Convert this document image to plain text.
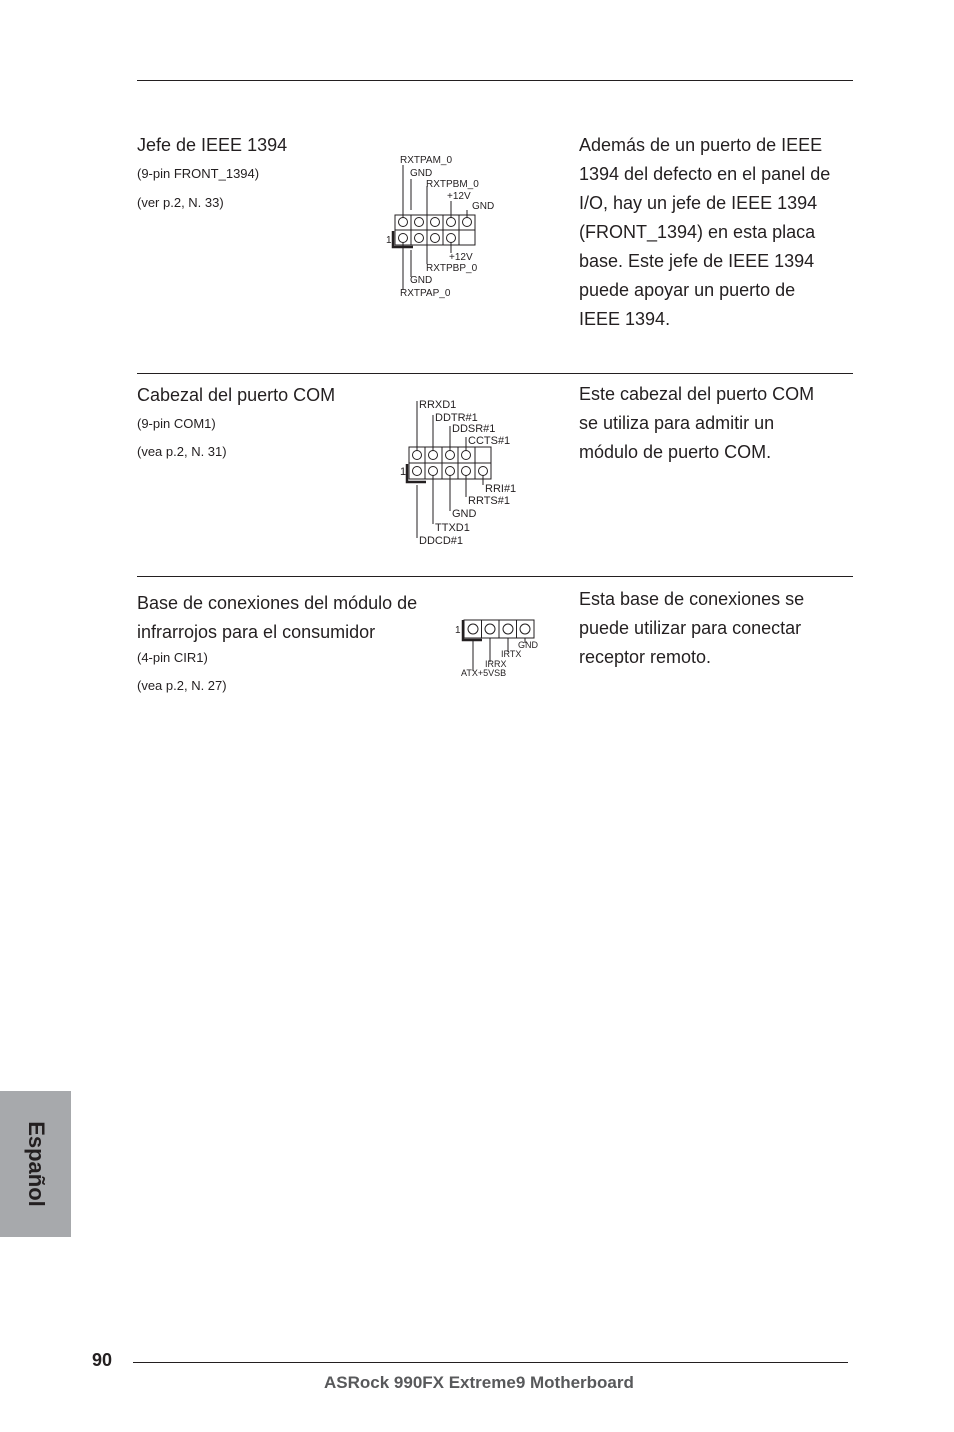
Jefe de IEEE 1394
(9-pin FRONT_1394)
(ver p.2, N. 33)
1
RXTPAM_0
GND
RXTPBM_0
+12V
GND
+12V
RXTPBP_0
GND
RXTPAP_0
Además de un puerto de IEEE
1394 del defecto en el panel de
I/O, hay un jefe de IEEE 1394
(FRONT_1394) en esta placa
base. Este jefe de IEEE 1394
puede apoyar un puerto de
IEEE 1394.
Cabezal del puerto COM
(9-pin COM1)
(vea p.2, N. 31)
1
RRXD1
DDTR#1
DDSR#1
CCTS#1
RRI#1
RRTS#1
GND
TTXD1
DDCD#1
Este cabezal del puerto COM
se utiliza para admitir un
módulo de puerto COM.
Base de conexiones del módulo de
infrarrojos para el consumidor
(4-pin CIR1)
(vea p.2, N. 27)
1
GND
IRTX
IRRX
ATX+5VSB
Esta base de conexiones se
puede utilizar para conectar
receptor remoto.
Español
90
ASRock 990FX Extreme9 Motherboard
